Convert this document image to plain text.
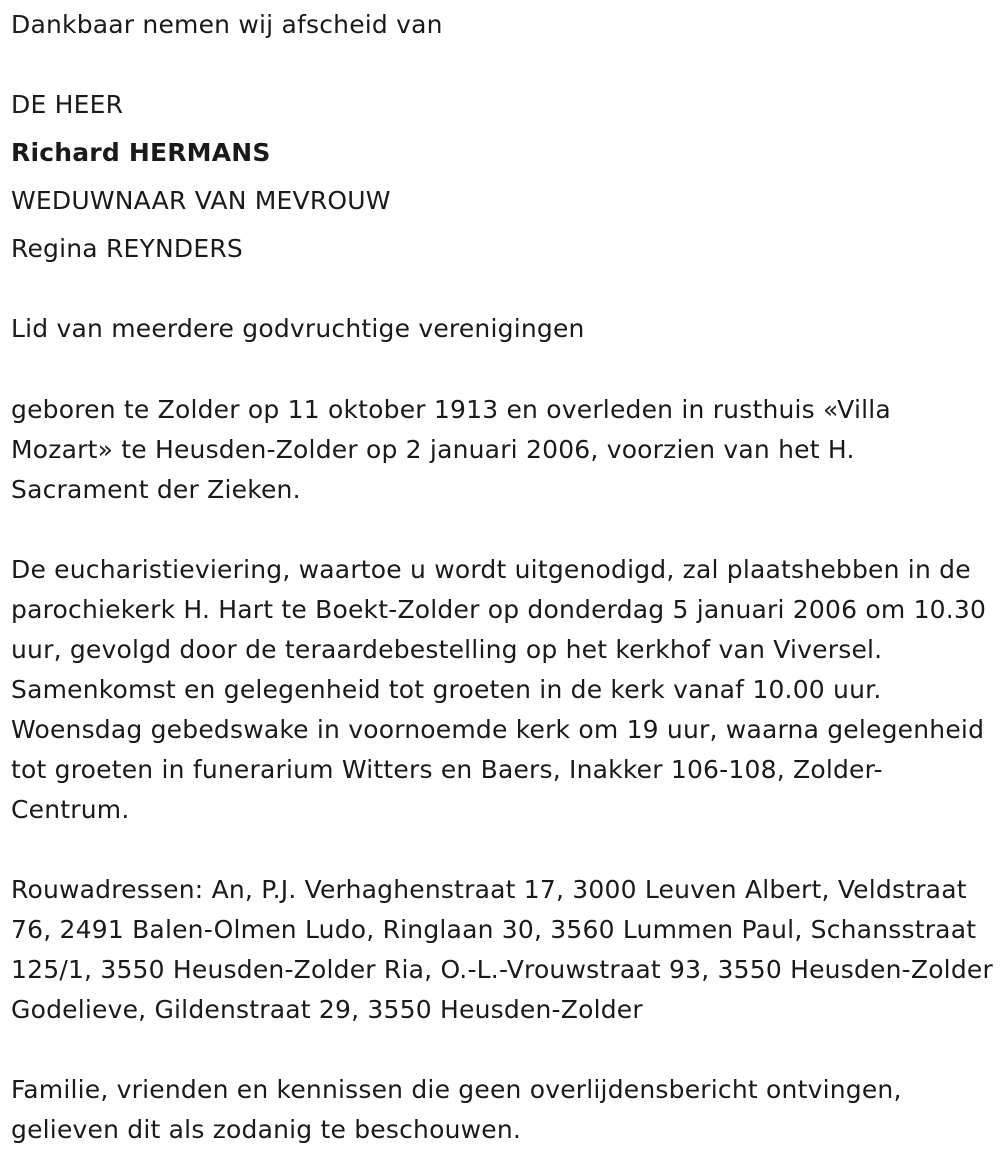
Dankbaar nemen wij afscheid van

DE HEER

Richard HERMANS

WEDUWNAAR VAN MEVROUW

Regina REYNDERS

Lid van meerdere godvruchtige verenigingen

geboren te Zolder op 11 oktober 1913 en overleden in rusthuis «Villa Mozart» te Heusden-Zolder op 2 januari 2006, voorzien van het H. Sacrament der Zieken.

De eucharistieviering, waartoe u wordt uitgenodigd, zal plaatshebben in de parochiekerk H. Hart te Boekt-Zolder op donderdag 5 januari 2006 om 10.30 uur, gevolgd door de teraardebestelling op het kerkhof van Viversel. Samenkomst en gelegenheid tot groeten in de kerk vanaf 10.00 uur. Woensdag gebedswake in voornoemde kerk om 19 uur, waarna gelegenheid tot groeten in funerarium Witters en Baers, Inakker 106-108, Zolder-Centrum.

Rouwadressen: An, P.J. Verhaghenstraat 17, 3000 Leuven Albert, Veldstraat 76, 2491 Balen-Olmen Ludo, Ringlaan 30, 3560 Lummen Paul, Schansstraat 125/1, 3550 Heusden-Zolder Ria, O.-L.-Vrouwstraat 93, 3550 Heusden-Zolder Godelieve, Gildenstraat 29, 3550 Heusden-Zolder

Familie, vrienden en kennissen die geen overlijdensbericht ontvingen, gelieven dit als zodanig te beschouwen.
